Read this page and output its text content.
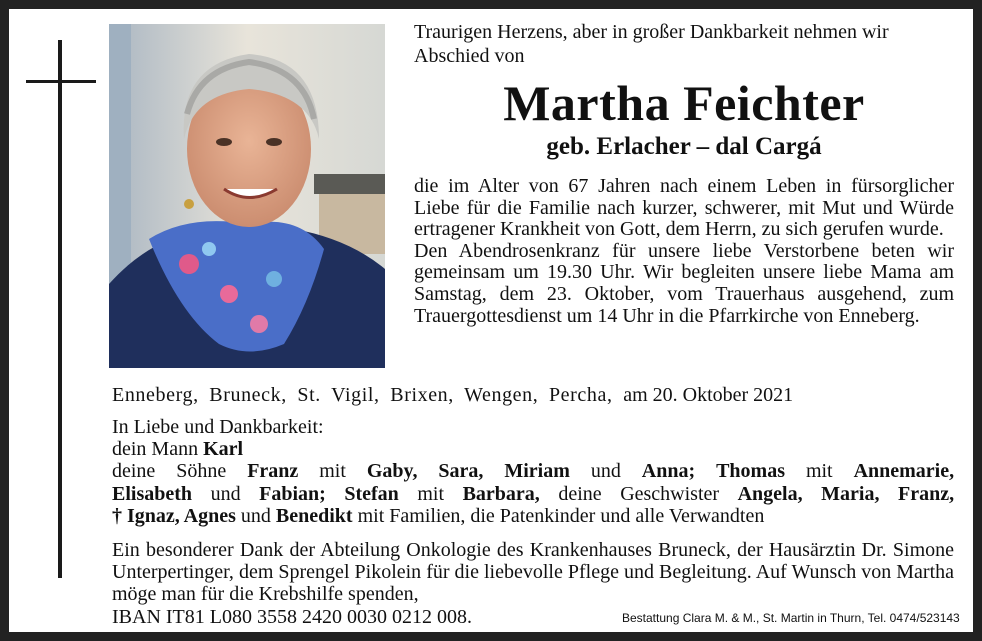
Traurigen Herzens, aber in großer Dankbarkeit nehmen wir Abschied von
Martha Feichter
geb. Erlacher – dal Cargá

die im Alter von 67 Jahren nach einem Leben in fürsorglicher Liebe für die Familie nach kurzer, schwerer, mit Mut und Würde ertragener Krankheit von Gott, dem Herrn, zu sich gerufen wurde.

Den Abendrosenkranz für unsere liebe Verstorbene beten wir gemeinsam um 19.30 Uhr. Wir begleiten unsere liebe Mama am Samstag, dem 23. Oktober, vom Trauerhaus ausgehend, zum Trauergottesdienst um 14 Uhr in die Pfarrkirche von Enneberg.

Enneberg, Bruneck, St. Vigil, Brixen, Wengen, Percha, am 20. Oktober 2021

In Liebe und Dankbarkeit:

dein Mann Karl

deine Söhne Franz mit Gaby, Sara, Miriam und Anna; Thomas mit Annemarie,

Elisabeth und Fabian; Stefan mit Barbara, deine Geschwister Angela, Maria, Franz,

† Ignaz, Agnes und Benedikt mit Familien, die Patenkinder und alle Verwandten

Ein besonderer Dank der Abteilung Onkologie des Krankenhauses Bruneck, der Hausärztin Dr. Simone Unterpertinger, dem Sprengel Pikolein für die liebevolle Pflege und Begleitung. Auf Wunsch von Martha möge man für die Krebshilfe spenden,

IBAN IT81 L080 3558 2420 0030 0212 008.	Bestattung Clara M. & M., St. Martin in Thurn, Tel. 0474/523143
